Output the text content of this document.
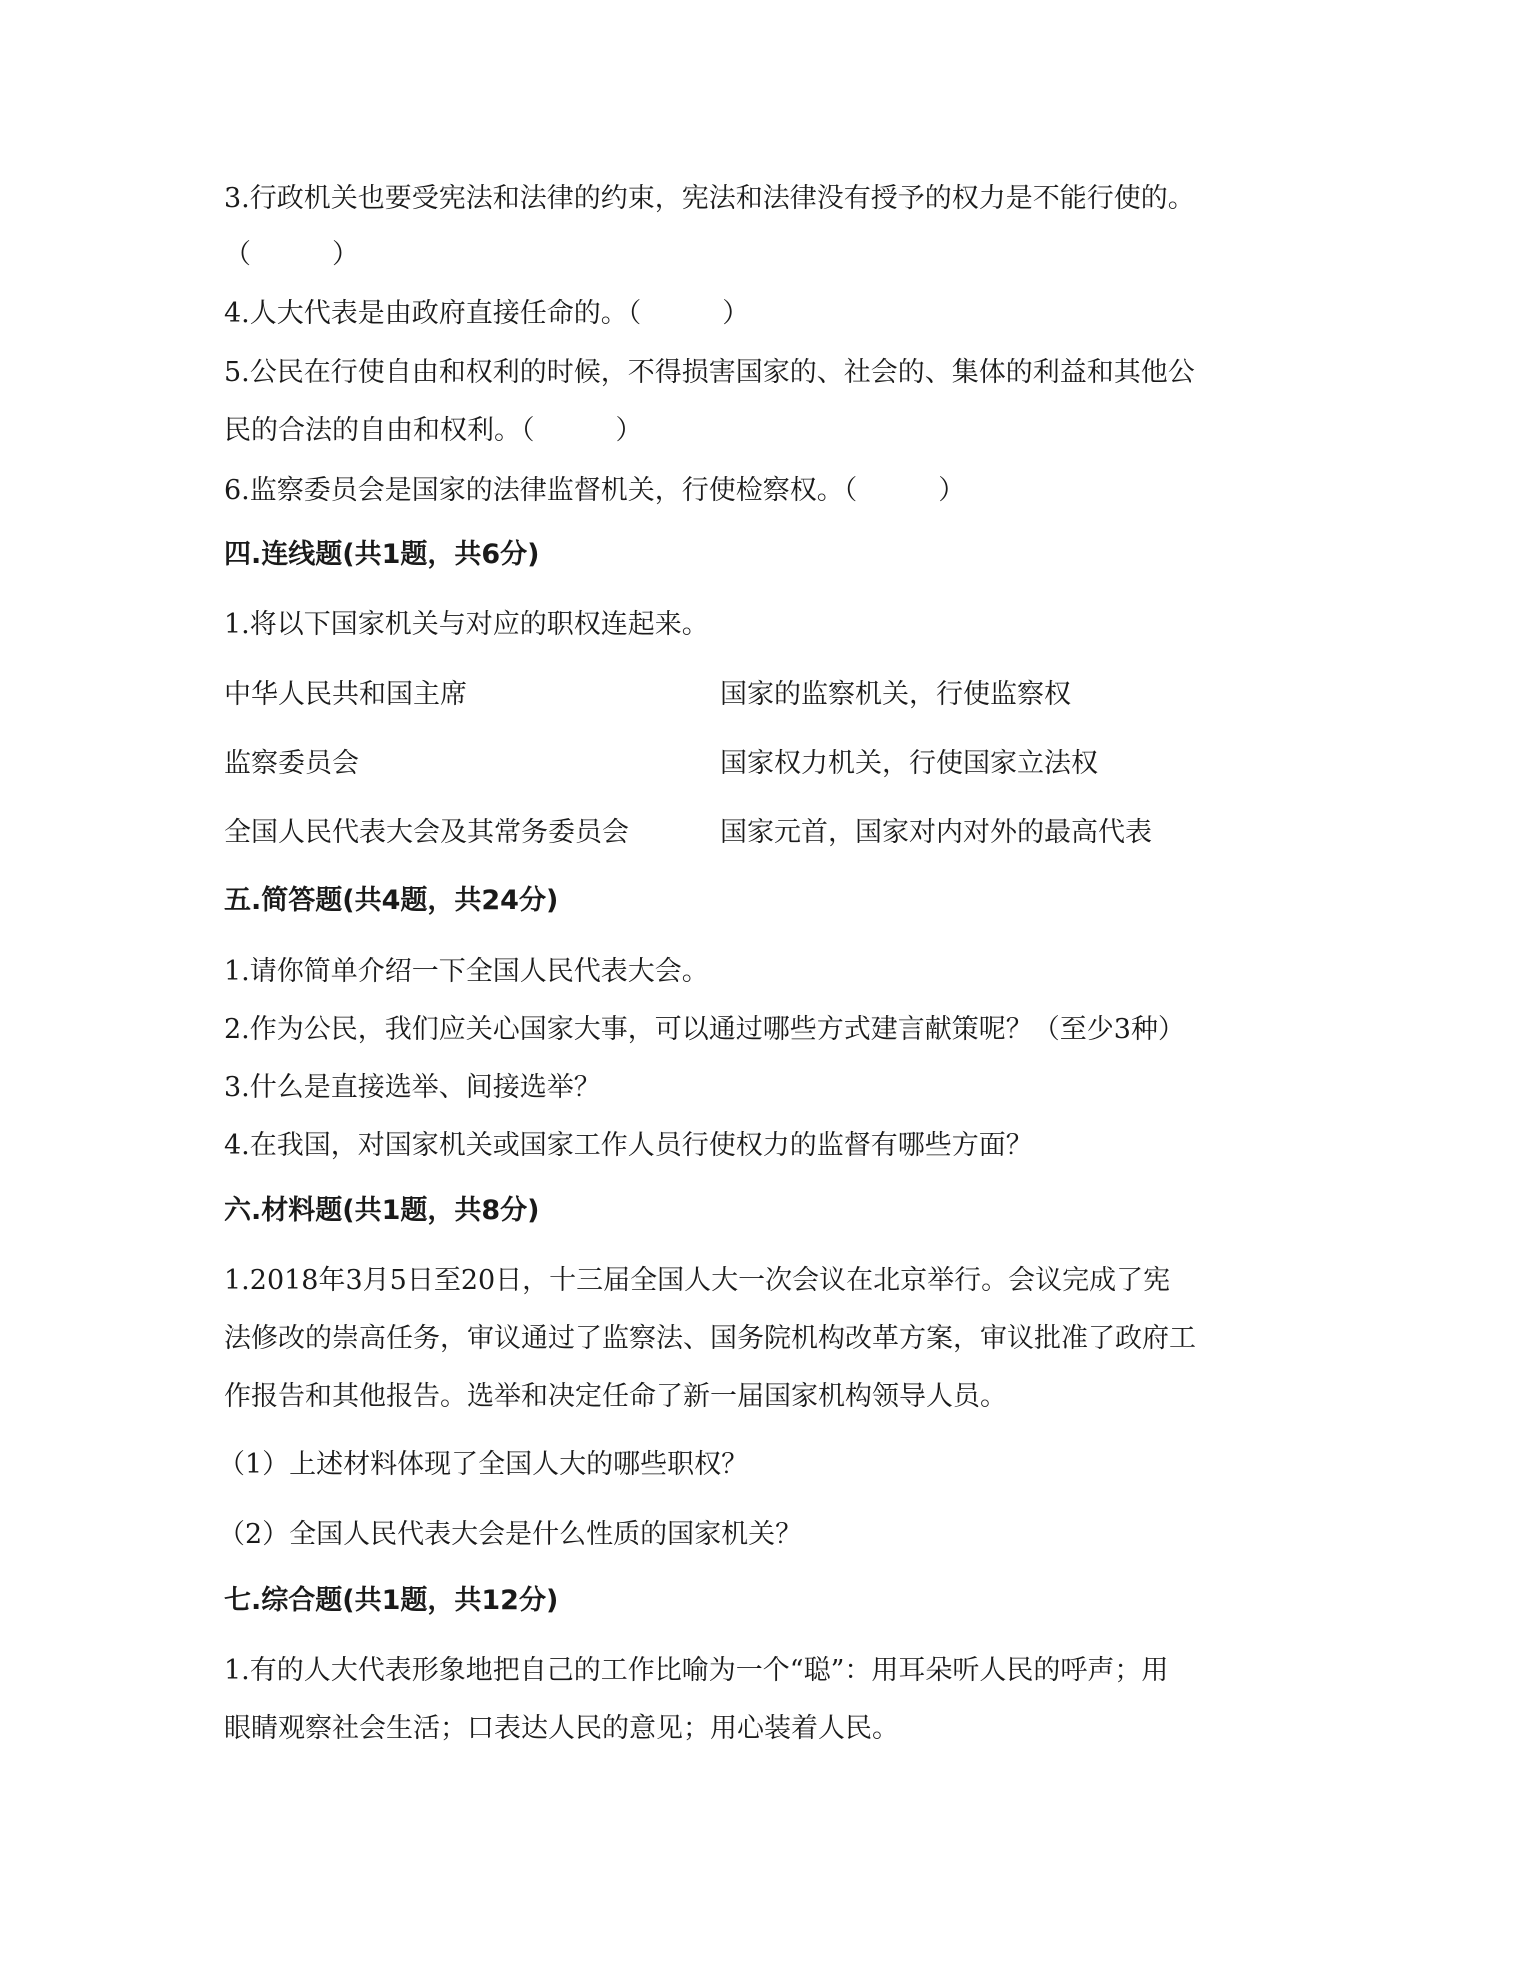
3.行政机关也要受宪法和法律的约束，宪法和法律没有授予的权力是不能行使的。

（　　　）

4.人大代表是由政府直接任命的。（　　　）

5.公民在行使自由和权利的时候，不得损害国家的、社会的、集体的利益和其他公

民的合法的自由和权利。（　　　）

6.监察委员会是国家的法律监督机关，行使检察权。（　　　）

四.连线题(共1题，共6分)

1.将以下国家机关与对应的职权连起来。

中华人民共和国主席	国家的监察机关，行使监察权
监察委员会	国家权力机关，行使国家立法权
全国人民代表大会及其常务委员会	国家元首，国家对内对外的最高代表

五.简答题(共4题，共24分)

1.请你简单介绍一下全国人民代表大会。

2.作为公民，我们应关心国家大事，可以通过哪些方式建言献策呢？（至少3种）

3.什么是直接选举、间接选举？

4.在我国，对国家机关或国家工作人员行使权力的监督有哪些方面？

六.材料题(共1题，共8分)

1.2018年3月5日至20日，十三届全国人大一次会议在北京举行。会议完成了宪

法修改的崇高任务，审议通过了监察法、国务院机构改革方案，审议批准了政府工

作报告和其他报告。选举和决定任命了新一届国家机构领导人员。

（1）上述材料体现了全国人大的哪些职权？

（2）全国人民代表大会是什么性质的国家机关？

七.综合题(共1题，共12分)

1.有的人大代表形象地把自己的工作比喻为一个“聪”：用耳朵听人民的呼声；用

眼睛观察社会生活；口表达人民的意见；用心装着人民。
